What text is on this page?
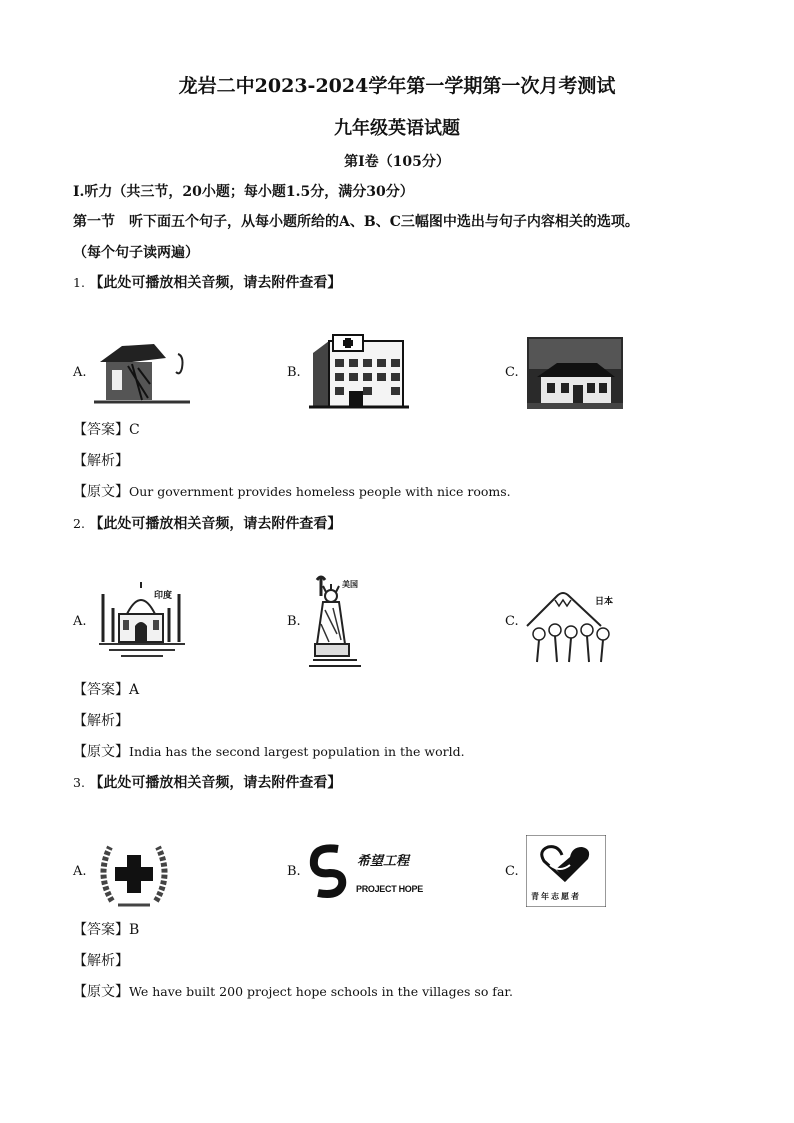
龙岩二中2023-2024学年第一学期第一次月考测试
九年级英语试题
第Ⅰ卷（105分）
Ⅰ.听力（共三节，20小题；每小题1.5分，满分30分）
第一节　听下面五个句子，从每小题所给的A、B、C三幅图中选出与句子内容相关的选项。
（每个句子读两遍）
1. 【此处可播放相关音频，请去附件查看】
A.	B.	C.
【答案】C
【解析】
【原文】Our government provides homeless people with nice rooms.
2. 【此处可播放相关音频，请去附件查看】
A.
印度
B.
美国
C.
日本
【答案】A
【解析】
【原文】India has the second largest population in the world.
3. 【此处可播放相关音频，请去附件查看】
A.	B.
希望工程
PROJECT HOPE
C.
青年志愿者
【答案】B
【解析】
【原文】We have built 200 project hope schools in the villages so far.
